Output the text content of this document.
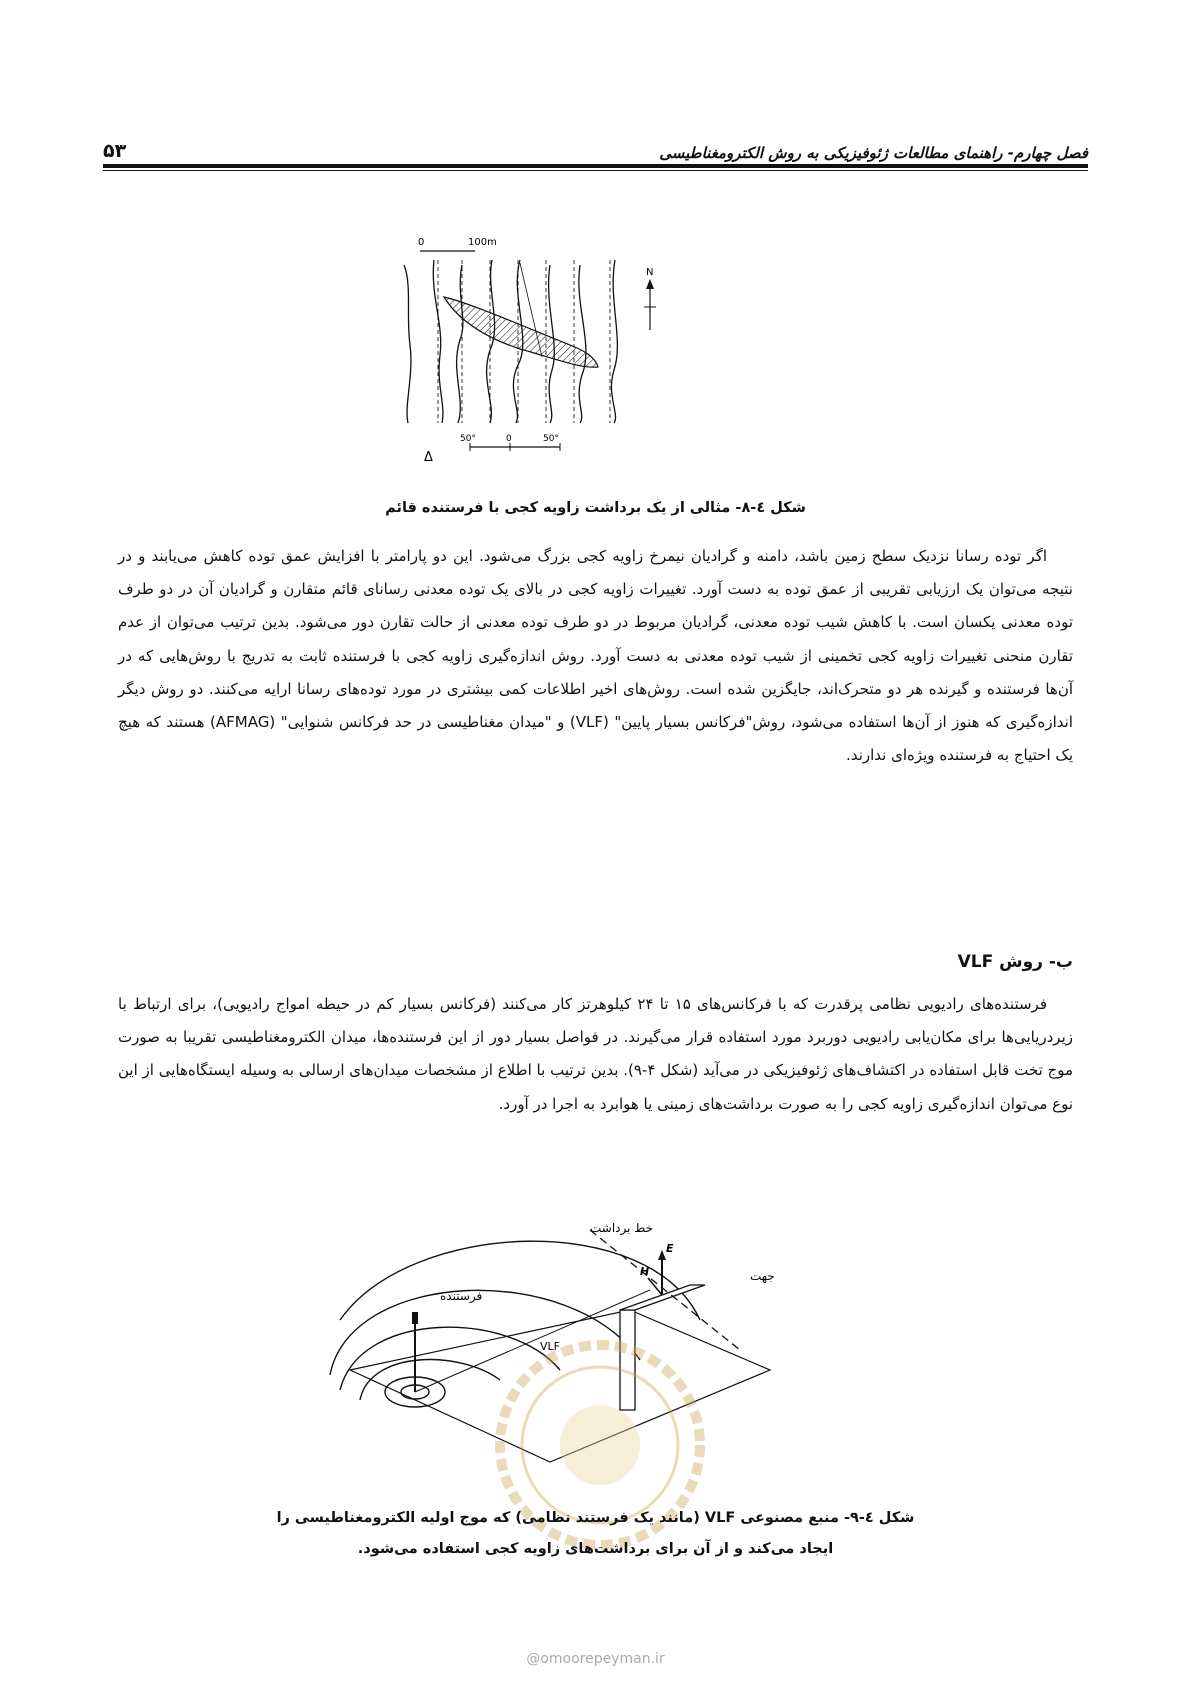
۵۳	فصل چهارم- راهنمای مطالعات ژئوفیزیکی به روش الکترومغناطیسی
0	100m
N
50°	0	50°
Δ
شکل ٤-٨- مثالی از یک برداشت زاویه کجی با فرستنده قائم

اگر توده رسانا نزدیک سطح زمین باشد، دامنه و گرادیان نیمرخ زاویه کجی بزرگ می‌شود. این دو پارامتر با افزایش عمق توده کاهش می‌یابند و در نتیجه می‌توان یک ارزیابی تقریبی از عمق توده به دست آورد. تغییرات زاویه کجی در بالای یک توده معدنی رسانای قائم متقارن و گرادیان آن در دو طرف توده معدنی یکسان است. با کاهش شیب توده معدنی، گرادیان مربوط در دو طرف توده معدنی از حالت تقارن دور می‌شود. بدین ترتیب می‌توان از عدم تقارن منحنی تغییرات زاویه کجی تخمینی از شیب توده معدنی به دست آورد. روش اندازه‌گیری زاویه کجی با فرستنده ثابت به تدریج با روش‌هایی که در آن‌ها فرستنده و گیرنده هر دو متحرک‌اند، جایگزین شده است. روش‌های اخیر اطلاعات کمی بیشتری در مورد توده‌های رسانا ارایه می‌کنند. دو روش دیگر اندازه‌گیری که هنوز از آن‌ها استفاده می‌شود، روش"فرکانس بسیار پایین" (VLF) و "میدان مغناطیسی در حد فرکانس شنوایی" (AFMAG) هستند که هیچ یک احتیاج به فرستنده ویژه‌ای ندارند.

ب- روش VLF

فرستنده‌های رادیویی نظامی پرقدرت که با فرکانس‌های ۱۵ تا ۲۴ کیلوهرتز کار می‌کنند (فرکانس بسیار کم در حیطه امواج رادیویی)، برای ارتباط با زیردریایی‌ها برای مکان‌یابی رادیویی دوربرد مورد استفاده قرار می‌گیرند. در فواصل بسیار دور از این فرستنده‌ها، میدان الکترومغناطیسی تقریبا به صورت موج تخت قابل استفاده در اکتشاف‌های ژئوفیزیکی در می‌آید (شکل ۴-۹). بدین ترتیب با اطلاع از مشخصات میدان‌های ارسالی به وسیله ایستگاه‌هایی از این نوع می‌توان اندازه‌گیری زاویه کجی را به صورت برداشت‌های زمینی یا هوابرد به اجرا در آورد.

فرستنده
VLF
خط برداشت
H
E
جهت
شکل ٤-٩- منبع مصنوعی VLF (مانند یک فرستند نظامی) که موج اولیه الکترومغناطیسی را
ایجاد می‌کند و از آن برای برداشت‌های زاویه کجی استفاده می‌شود.
@omoorepeyman.ir
